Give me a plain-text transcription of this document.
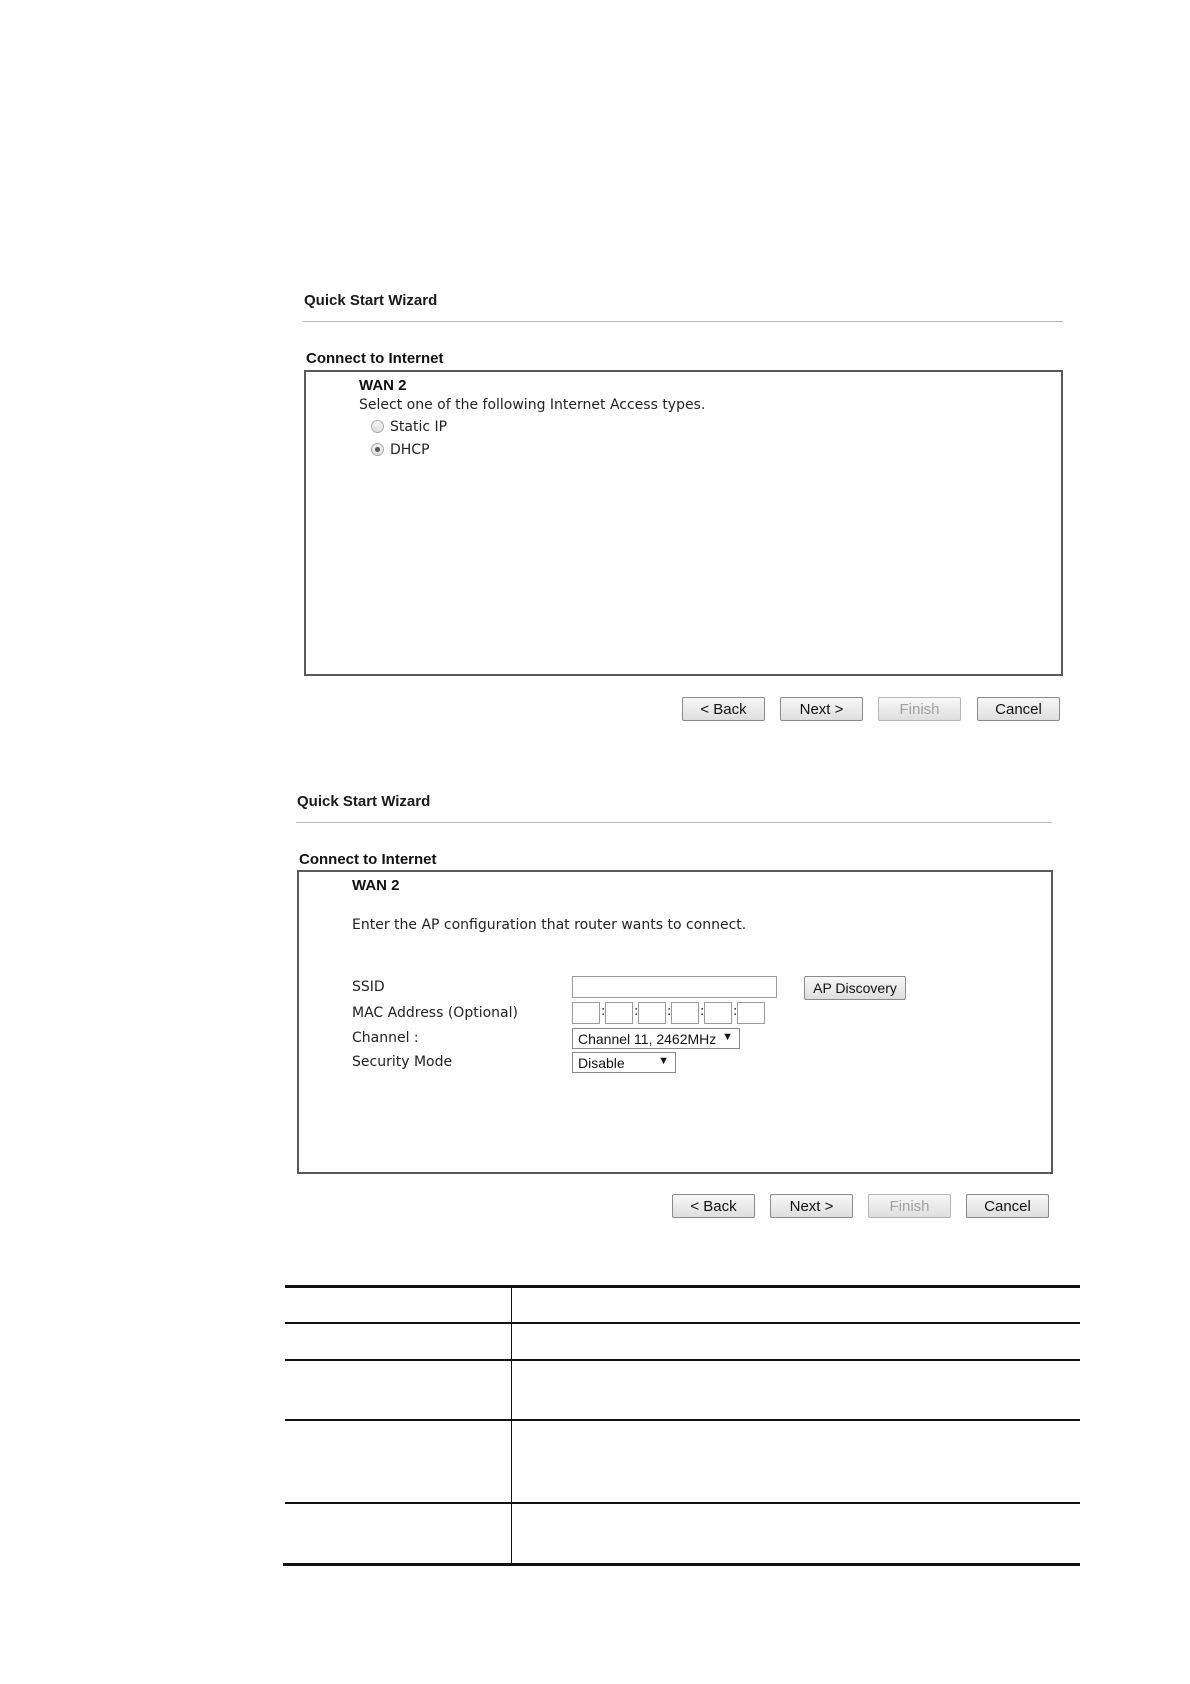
Quick Start Wizard
Connect to Internet
WAN 2
Select one of the following Internet Access types.
Static IP
DHCP
< Back	Next >	Finish	Cancel
Quick Start Wizard
Connect to Internet
WAN 2
Enter the AP configuration that router wants to connect.
SSID	AP Discovery
MAC Address (Optional)	: : : : :
Channel :	Channel 11, 2462MHz ▼
Security Mode	Disable	▼
< Back	Next >	Finish	Cancel
